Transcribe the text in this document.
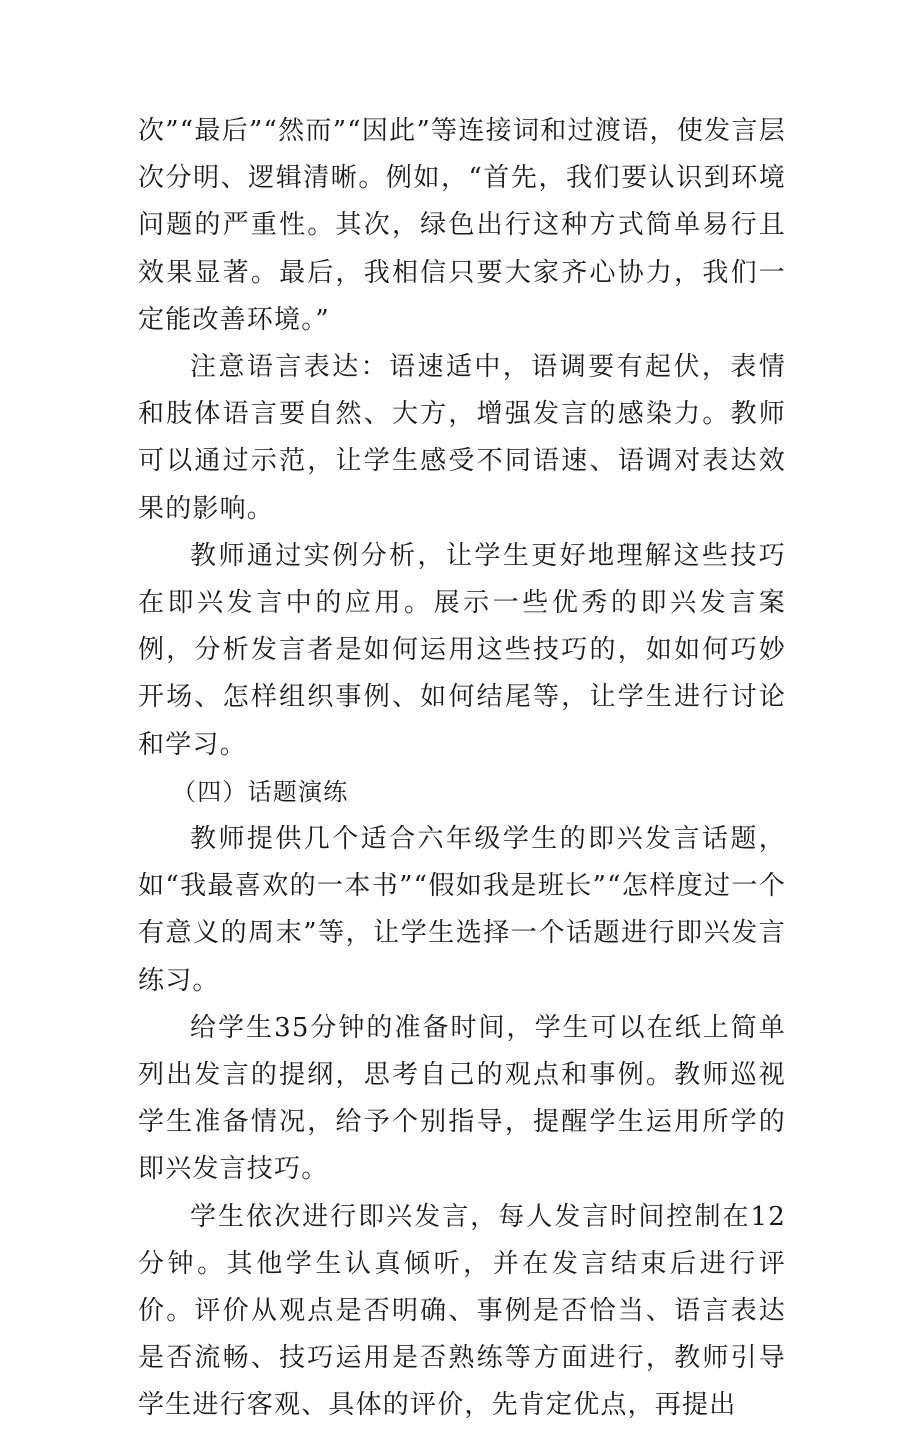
次”“最后”“然而”“因此”等连接词和过渡语，使发言层次分明、逻辑清晰。例如，“首先，我们要认识到环境问题的严重性。其次，绿色出行这种方式简单易行且效果显著。最后，我相信只要大家齐心协力，我们一定能改善环境。”

注意语言表达：语速适中，语调要有起伏，表情和肢体语言要自然、大方，增强发言的感染力。教师可以通过示范，让学生感受不同语速、语调对表达效果的影响。

教师通过实例分析，让学生更好地理解这些技巧在即兴发言中的应用。展示一些优秀的即兴发言案例，分析发言者是如何运用这些技巧的，如如何巧妙开场、怎样组织事例、如何结尾等，让学生进行讨论和学习。

（四）话题演练

教师提供几个适合六年级学生的即兴发言话题，如“我最喜欢的一本书”“假如我是班长”“怎样度过一个有意义的周末”等，让学生选择一个话题进行即兴发言练习。

给学生35分钟的准备时间，学生可以在纸上简单列出发言的提纲，思考自己的观点和事例。教师巡视学生准备情况，给予个别指导，提醒学生运用所学的即兴发言技巧。

学生依次进行即兴发言，每人发言时间控制在12分钟。其他学生认真倾听，并在发言结束后进行评价。评价从观点是否明确、事例是否恰当、语言表达是否流畅、技巧运用是否熟练等方面进行，教师引导学生进行客观、具体的评价，先肯定优点，再提出
